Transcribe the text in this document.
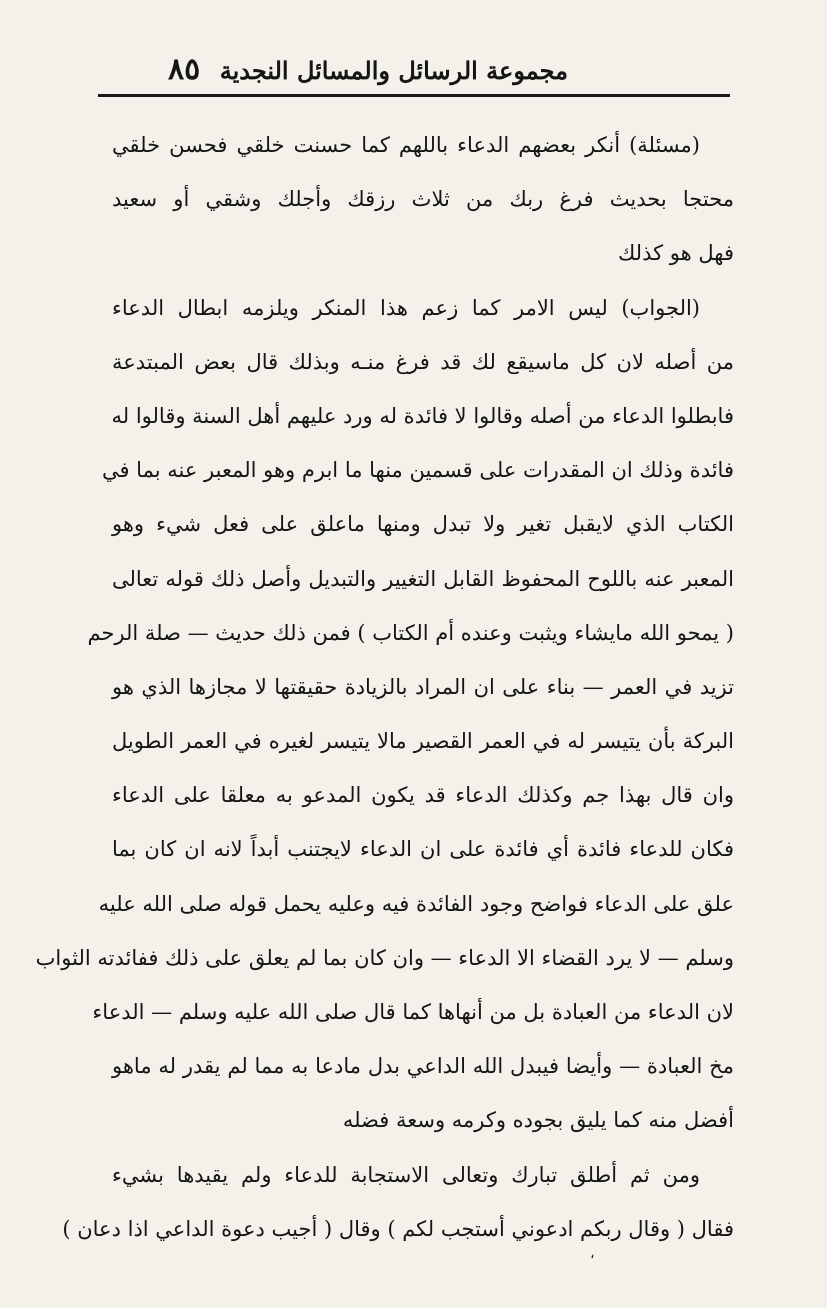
مجموعة الرسائل والمسائل النجدية
٨٥
(مسئلة) أنكر بعضهم الدعاء باللهم كما حسنت خلقي فحسن خلقي
محتجا بحديث فرغ ربك من ثلاث رزقك وأجلك وشقي أو سعيد
فهل هو كذلك
(الجواب) ليس الامر كما زعم هذا المنكر ويلزمه ابطال الدعاء
من أصله لان كل ماسيقع لك قد فرغ منـه وبذلك قال بعض المبتدعة
فابطلوا الدعاء من أصله وقالوا لا فائدة له ورد عليهم أهل السنة وقالوا له
فائدة وذلك ان المقدرات على قسمين منها ما ابرم وهو المعبر عنه بما في
الكتاب الذي لايقبل تغير ولا تبدل ومنها ماعلق على فعل شيء وهو
المعبر عنه باللوح المحفوظ القابل التغيير والتبديل وأصل ذلك قوله تعالى
( يمحو الله مايشاء ويثبت وعنده أم الكتاب ) فمن ذلك حديث — صلة الرحم
تزيد في العمر — بناء على ان المراد بالزيادة حقيقتها لا مجازها الذي هو
البركة بأن يتيسر له في العمر القصير مالا يتيسر لغيره في العمر الطويل
وان قال بهذا جم وكذلك الدعاء قد يكون المدعو به معلقا على الدعاء
فكان للدعاء فائدة أي فائدة على ان الدعاء لايجتنب أبداً لانه ان كان بما
علق على الدعاء فواضح وجود الفائدة فيه وعليه يحمل قوله صلى الله عليه
وسلم — لا يرد القضاء الا الدعاء — وان كان بما لم يعلق على ذلك ففائدته الثواب
لان الدعاء من العبادة بل من أنهاها كما قال صلى الله عليه وسلم — الدعاء
مخ العبادة — وأيضا فيبدل الله الداعي بدل مادعا به مما لم يقدر له ماهو
أفضل منه كما يليق بجوده وكرمه وسعة فضله
ومن ثم أطلق تبارك وتعالى الاستجابة للدعاء ولم يقيدها بشيء
فقال ( وقال ربكم ادعوني أستجب لكم ) وقال ( أجيب دعوة الداعي اذا دعان )
،
